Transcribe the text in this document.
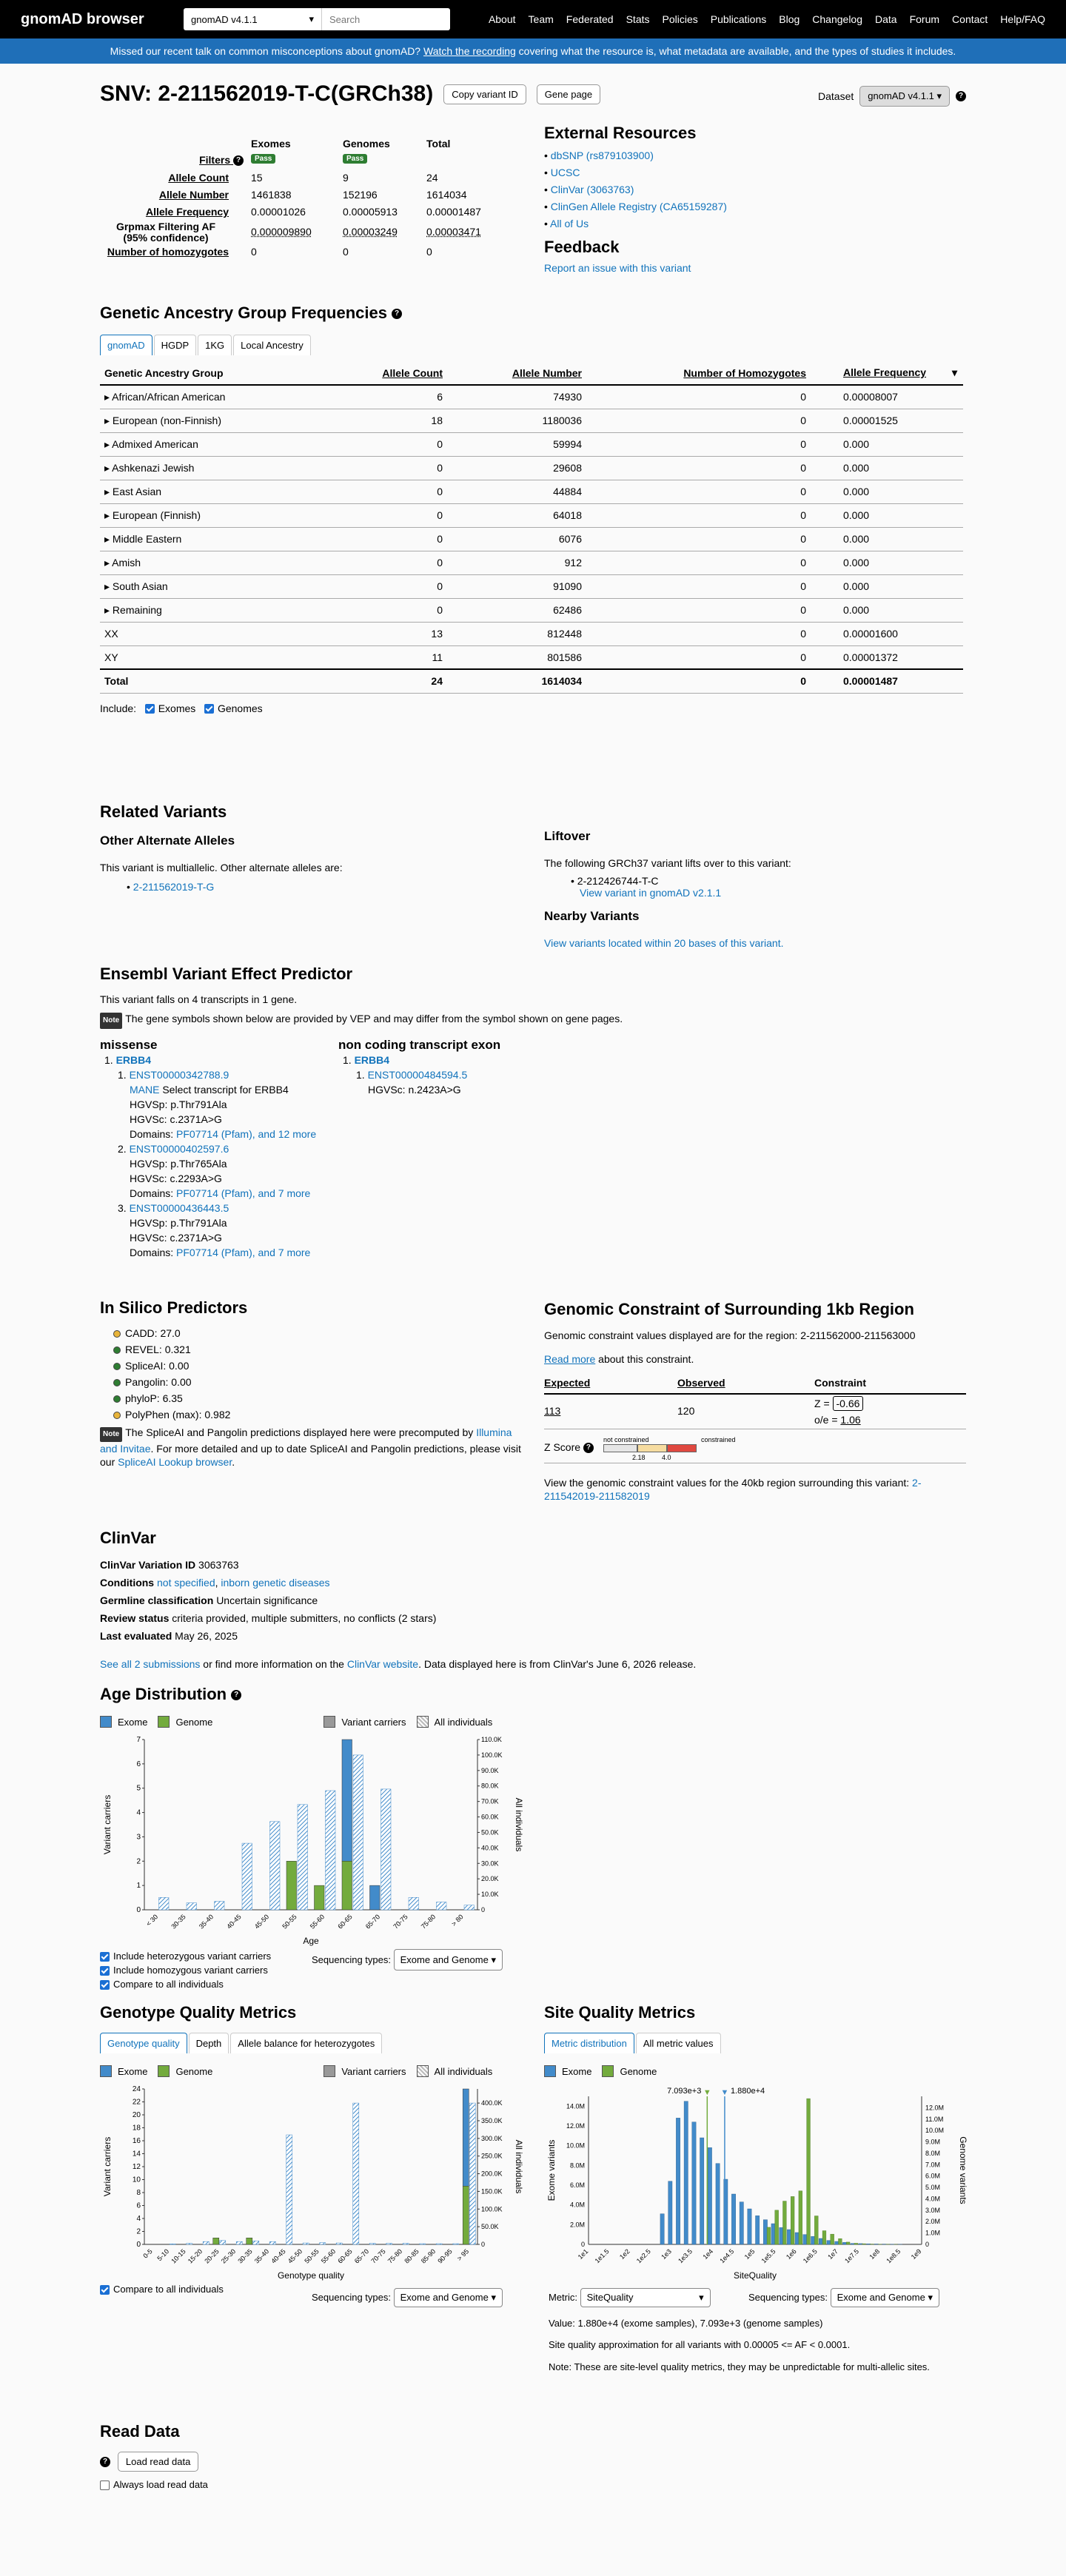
gnomAD browser	gnomAD v4.1.1	▾	Search	About Team Federated Stats Policies Publications Blog Changelog Data Forum Contact Help/FAQ
Missed our recent talk on common misconceptions about gnomAD? Watch the recording covering what the resource is, what metadata are available, and the types of studies it includes.
SNV: 2-211562019-T-C(GRCh38)	Copy variant ID	Gene page	Dataset	gnomAD v4.1.1 ▾	?
Exomes	Genomes	Total
Filters ?	Pass	Pass
Allele Count 15	9	24
Allele Number 1461838	152196	1614034
Allele Frequency 0.00001026	0.00005913	0.00001487
Grpmax Filtering AF (95% confidence)	0.000009890	0.00003249	0.00003471
Number of homozygotes 0	0	0
External Resources
• dbSNP (rs879103900)
• UCSC
• ClinVar (3063763)
• ClinGen Allele Registry (CA65159287)
• All of Us
Feedback
Report an issue with this variant
Genetic Ancestry Group Frequencies ?
gnomAD	HGDP	1KG	Local Ancestry
Genetic Ancestry Group	Allele Count	Allele Number	Number of Homozygotes	Allele Frequency ▾

▸ African/African American	6	74930	0	0.00008007
▸ European (non-Finnish)	18	1180036	0	0.00001525
▸ Admixed American	0	59994	0	0.000
▸ Ashkenazi Jewish	0	29608	0	0.000
▸ East Asian	0	44884	0	0.000
▸ European (Finnish)	0	64018	0	0.000
▸ Middle Eastern	0	6076	0	0.000
▸ Amish	0	912	0	0.000
▸ South Asian	0	91090	0	0.000
▸ Remaining	0	62486	0	0.000
XX	13	812448	0	0.00001600
XY	11	801586	0	0.00001372
Total	24	1614034	0	0.00001487
Include: Exomes Genomes
Related Variants
Other Alternate Alleles

This variant is multiallelic. Other alternate alleles are:

• 2-211562019-T-G

Liftover

The following GRCh37 variant lifts over to this variant:

• 2-212426744-T-C

View variant in gnomAD v2.1.1

Nearby Variants

View variants located within 20 bases of this variant.

Ensembl Variant Effect Predictor

This variant falls on 4 transcripts in 1 gene.

Note The gene symbols shown below are provided by VEP and may differ from the symbol shown on gene pages.

missense

1. ERBB4

1. ENST00000342788.9

MANE Select transcript for ERBB4

HGVSp: p.Thr791Ala

HGVSc: c.2371A>G

Domains: PF07714 (Pfam), and 12 more

2. ENST00000402597.6

HGVSp: p.Thr765Ala

HGVSc: c.2293A>G

Domains: PF07714 (Pfam), and 7 more

3. ENST00000436443.5

HGVSp: p.Thr791Ala

HGVSc: c.2371A>G

Domains: PF07714 (Pfam), and 7 more

non coding transcript exon

1. ERBB4

1. ENST00000484594.5

HGVSc: n.2423A>G

In Silico Predictors

CADD: 27.0

REVEL: 0.321

SpliceAI: 0.00

Pangolin: 0.00

phyloP: 6.35

PolyPhen (max): 0.982

Note The SpliceAI and Pangolin predictions displayed here were precomputed by Illumina and Invitae. For more detailed and up to date SpliceAI and Pangolin predictions, please visit our SpliceAI Lookup browser.

Genomic Constraint of Surrounding 1kb Region

Genomic constraint values displayed are for the region: 2-211562000-211563000

Read more about this constraint.

Expected	Observed	Constraint
113	120
Z = -0.66
o/e = 1.06
Z Score ?
not constrained	constrained
2.18 4.0

View the genomic constraint values for the 40kb region surrounding this variant: 2-211542019-211582019

ClinVar

ClinVar Variation ID 3063763

Conditions not specified, inborn genetic diseases

Germline classification Uncertain significance

Review status criteria provided, multiple submitters, no conflicts (2 stars)

Last evaluated May 26, 2025

See all 2 submissions or find more information on the ClinVar website. Data displayed here is from ClinVar's June 6, 2026 release.

Age Distribution ?
Exome	Genome	Variant carriers	All individuals
0
1
2
3
4
5
6
7
0
10.0K
20.0K
30.0K
40.0K
50.0K
60.0K
70.0K
80.0K
90.0K
100.0K
110.0K
< 30 30-35 35-40 40-45 45-50 50-55 55-60 60-65 65-70 70-75 75-80 > 80
Age
Variant carriers	All individuals

Include heterozygous variant carriers

Include homozygous variant carriers

Compare to all individuals

Sequencing types: Exome and Genome ▾
Genotype Quality Metrics
Genotype quality	Depth	Allele balance for heterozygotes
Exome	Genome	Variant carriers	All individuals
0
2
4
6
8
10
12
14
16
18
20
22
24
0
50.0K
100.0K
150.0K
200.0K
250.0K
300.0K
350.0K
400.0K
0-5 5-10 10-15 15-20 20-25 25-30 30-35 35-40 40-45 45-50 50-55 55-60 60-65 65-70 70-75 75-80 80-85 85-90 90-95 > 95
Genotype quality
Variant carriers	All individuals

Compare to all individuals

Sequencing types: Exome and Genome ▾
Site Quality Metrics
Metric distribution	All metric values
Exome	Genome
0
2.0M
4.0M
6.0M
8.0M
10.0M
12.0M
14.0M
0
1.0M
2.0M
3.0M
4.0M
5.0M
6.0M
7.0M
8.0M
9.0M
10.0M
11.0M
12.0M
1e1 1e1.5 1e2 1e2.5 1e3 1e3.5 1e4 1e4.5 1e5 1e5.5 1e6 1e6.5 1e7 1e7.5 1e8 1e8.5 1e9
7.093e+3 ▼ 1.880e+4
▼
SiteQuality
Exome variants	Genome variants
Metric: SiteQuality	▾	Sequencing types: Exome and Genome ▾

Value: 1.880e+4 (exome samples), 7.093e+3 (genome samples)

Site quality approximation for all variants with 0.00005 <= AF < 0.0001.

Note: These are site-level quality metrics, they may be unpredictable for multi-allelic sites.

Read Data

? Load read data

Always load read data
